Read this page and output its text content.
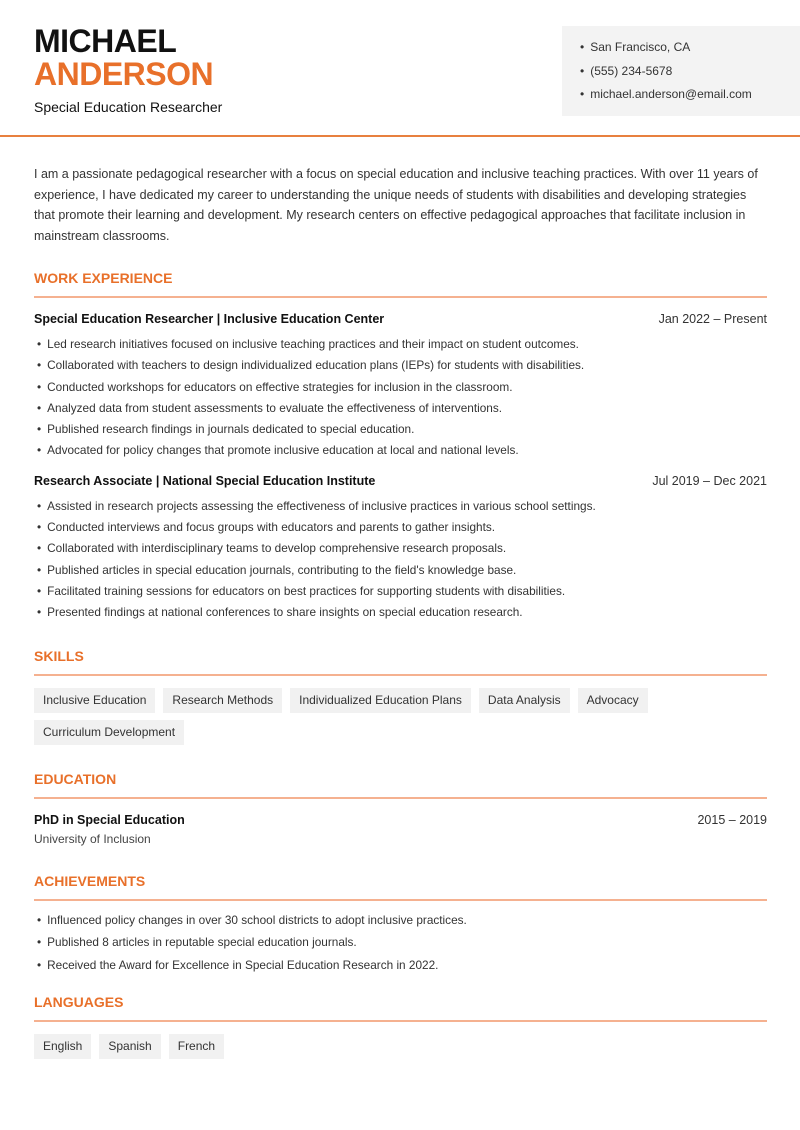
MICHAEL
ANDERSON
Special Education Researcher
• San Francisco, CA
• (555) 234-5678
• michael.anderson@email.com

I am a passionate pedagogical researcher with a focus on special education and inclusive teaching practices. With over 11 years of experience, I have dedicated my career to understanding the unique needs of students with disabilities and developing strategies that promote their learning and development. My research centers on effective pedagogical approaches that facilitate inclusion in mainstream classrooms.

WORK EXPERIENCE
Special Education Researcher | Inclusive Education Center	Jan 2022 – Present
• Led research initiatives focused on inclusive teaching practices and their impact on student outcomes.
• Collaborated with teachers to design individualized education plans (IEPs) for students with disabilities.
• Conducted workshops for educators on effective strategies for inclusion in the classroom.
• Analyzed data from student assessments to evaluate the effectiveness of interventions.
• Published research findings in journals dedicated to special education.
• Advocated for policy changes that promote inclusive education at local and national levels.
Research Associate | National Special Education Institute	Jul 2019 – Dec 2021
• Assisted in research projects assessing the effectiveness of inclusive practices in various school settings.
• Conducted interviews and focus groups with educators and parents to gather insights.
• Collaborated with interdisciplinary teams to develop comprehensive research proposals.
• Published articles in special education journals, contributing to the field's knowledge base.
• Facilitated training sessions for educators on best practices for supporting students with disabilities.
• Presented findings at national conferences to share insights on special education research.
SKILLS
Inclusive Education	Research Methods	Individualized Education Plans	Data Analysis	Advocacy
Curriculum Development
EDUCATION
PhD in Special Education	2015 – 2019
University of Inclusion
ACHIEVEMENTS
• Influenced policy changes in over 30 school districts to adopt inclusive practices.
• Published 8 articles in reputable special education journals.
• Received the Award for Excellence in Special Education Research in 2022.
LANGUAGES
English	Spanish	French
